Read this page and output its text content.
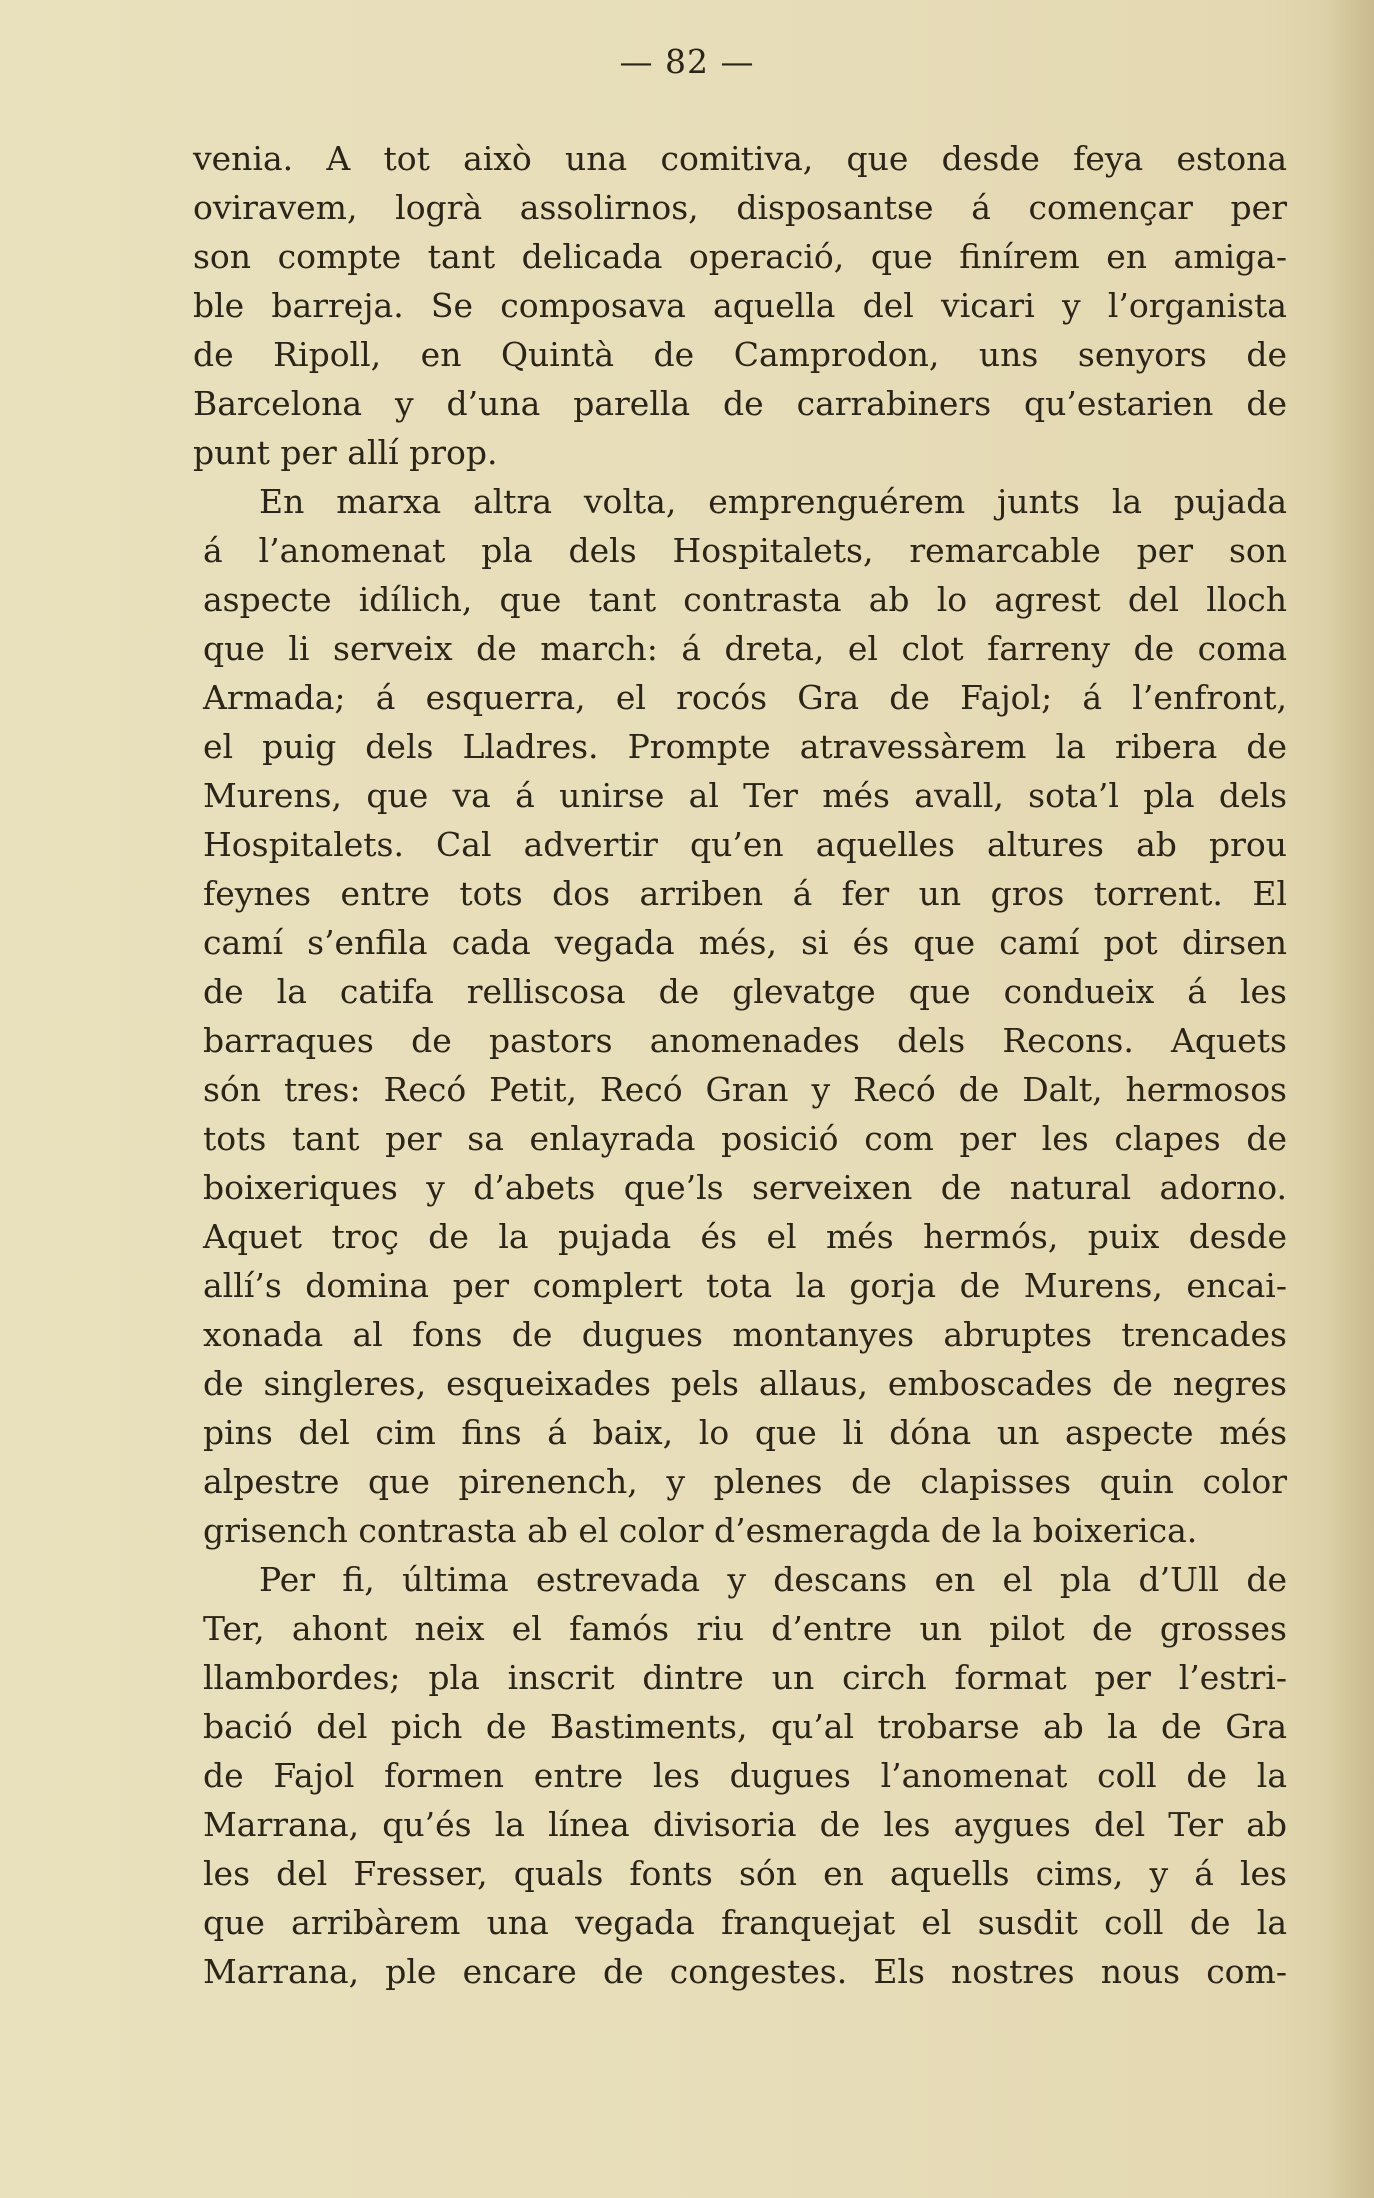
— 82 —
venia. A tot això una comitiva, que desde feya estona
oviravem, logrà assolirnos, disposantse á començar per
son compte tant delicada operació, que finírem en amiga-
ble barreja. Se composava aquella del vicari y l’organista
de Ripoll, en Quintà de Camprodon, uns senyors de
Barcelona y d’una parella de carrabiners qu’estarien de
punt per allí prop.
En marxa altra volta, emprenguérem junts la pujada
á l’anomenat pla dels Hospitalets, remarcable per son
aspecte idílich, que tant contrasta ab lo agrest del lloch
que li serveix de march: á dreta, el clot farreny de coma
Armada; á esquerra, el rocós Gra de Fajol; á l’enfront,
el puig dels Lladres. Prompte atravessàrem la ribera de
Murens, que va á unirse al Ter més avall, sota’l pla dels
Hospitalets. Cal advertir qu’en aquelles altures ab prou
feynes entre tots dos arriben á fer un gros torrent. El
camí s’enfila cada vegada més, si és que camí pot dirsen
de la catifa relliscosa de glevatge que condueix á les
barraques de pastors anomenades dels Recons. Aquets
són tres: Recó Petit, Recó Gran y Recó de Dalt, hermosos
tots tant per sa enlayrada posició com per les clapes de
boixeriques y d’abets que’ls serveixen de natural adorno.
Aquet troç de la pujada és el més hermós, puix desde
allí’s domina per complert tota la gorja de Murens, encai-
xonada al fons de dugues montanyes abruptes trencades
de singleres, esqueixades pels allaus, emboscades de negres
pins del cim fins á baix, lo que li dóna un aspecte més
alpestre que pirenench, y plenes de clapisses quin color
grisench contrasta ab el color d’esmeragda de la boixerica.
Per fi, última estrevada y descans en el pla d’Ull de
Ter, ahont neix el famós riu d’entre un pilot de grosses
llambordes; pla inscrit dintre un circh format per l’estri-
bació del pich de Bastiments, qu’al trobarse ab la de Gra
de Fajol formen entre les dugues l’anomenat coll de la
Marrana, qu’és la línea divisoria de les aygues del Ter ab
les del Fresser, quals fonts són en aquells cims, y á les
que arribàrem una vegada franquejat el susdit coll de la
Marrana, ple encare de congestes. Els nostres nous com-
